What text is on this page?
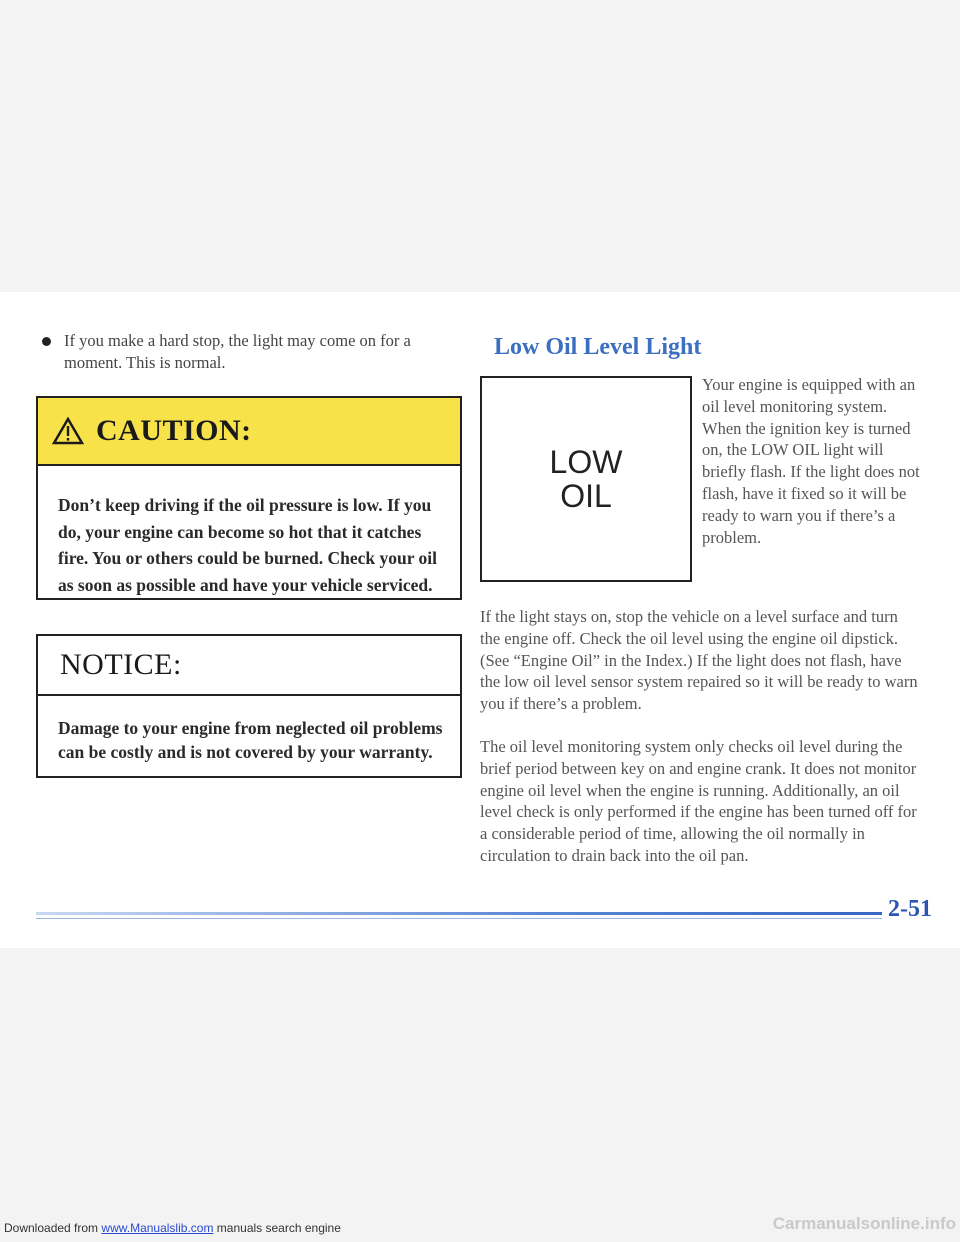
If you make a hard stop, the light may come on for a moment. This is normal.
CAUTION:
Don’t keep driving if the oil pressure is low. If you do, your engine can become so hot that it catches fire. You or others could be burned. Check your oil as soon as possible and have your vehicle serviced.
NOTICE:
Damage to your engine from neglected oil problems can be costly and is not covered by your warranty.
Low Oil Level Light
LOW
OIL
Your engine is equipped with an oil level monitoring system. When the ignition key is turned on, the LOW OIL light will briefly flash. If the light does not flash, have it fixed so it will be ready to warn you if there’s a problem.

If the light stays on, stop the vehicle on a level surface and turn the engine off. Check the oil level using the engine oil dipstick. (See “Engine Oil” in the Index.) If the light does not flash, have the low oil level sensor system repaired so it will be ready to warn you if there’s a problem.

The oil level monitoring system only checks oil level during the brief period between key on and engine crank. It does not monitor engine oil level when the engine is running. Additionally, an oil level check is only performed if the engine has been turned off for a considerable period of time, allowing the oil normally in circulation to drain back into the oil pan.

2-51
Downloaded from www.Manualslib.com manuals search engine	Carmanualsonline.info
